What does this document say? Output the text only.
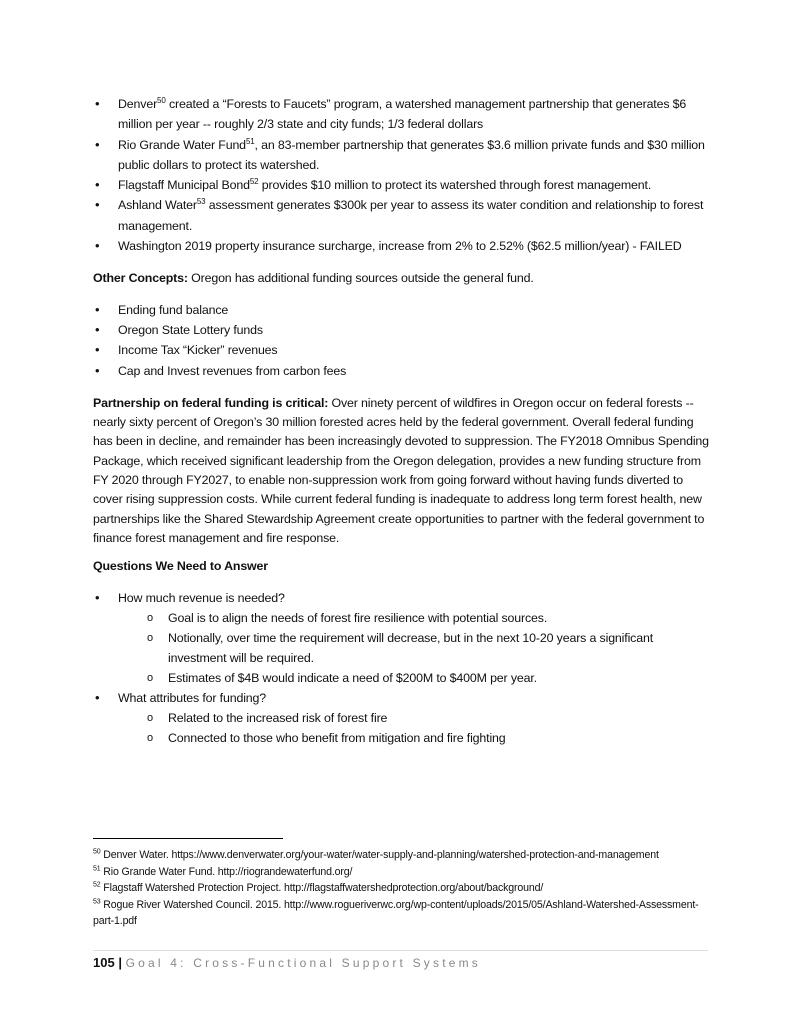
• Denver$^{50}$ created a “Forests to Faucets” program, a watershed management partnership that generates $6 million per year -- roughly 2/3 state and city funds; 1/3 federal dollars
• Rio Grande Water Fund$^{51}$, an 83-member partnership that generates $3.6 million private funds and $30 million public dollars to protect its watershed.
• Flagstaff Municipal Bond$^{52}$ provides $10 million to protect its watershed through forest management.
• Ashland Water$^{53}$ assessment generates $300k per year to assess its water condition and relationship to forest management.
• Washington 2019 property insurance surcharge, increase from 2% to 2.52% ($62.5 million/year) - FAILED

Other Concepts: Oregon has additional funding sources outside the general fund.

• Ending fund balance
• Oregon State Lottery funds
• Income Tax “Kicker” revenues
• Cap and Invest revenues from carbon fees

Partnership on federal funding is critical: Over ninety percent of wildfires in Oregon occur on federal forests -- nearly sixty percent of Oregon’s 30 million forested acres held by the federal government. Overall federal funding has been in decline, and remainder has been increasingly devoted to suppression. The FY2018 Omnibus Spending Package, which received significant leadership from the Oregon delegation, provides a new funding structure from FY 2020 through FY2027, to enable non-suppression work from going forward without having funds diverted to cover rising suppression costs. While current federal funding is inadequate to address long term forest health, new partnerships like the Shared Stewardship Agreement create opportunities to partner with the federal government to finance forest management and fire response.

Questions We Need to Answer

• How much revenue is needed?
o Goal is to align the needs of forest fire resilience with potential sources.
o Notionally, over time the requirement will decrease, but in the next 10-20 years a significant investment will be required.
o Estimates of $4B would indicate a need of $200M to $400M per year.
• What attributes for funding?
o Related to the increased risk of forest fire
o Connected to those who benefit from mitigation and fire fighting
$^{50}$ Denver Water. https://www.denverwater.org/your-water/water-supply-and-planning/watershed-protection-and-management
$^{51}$ Rio Grande Water Fund. http://riograndewaterfund.org/
$^{52}$ Flagstaff Watershed Protection Project. http://flagstaffwatershedprotection.org/about/background/
$^{53}$ Rogue River Watershed Council. 2015. http://www.rogueriverwc.org/wp-content/uploads/2015/05/Ashland-Watershed-Assessment-part-1.pdf
105 | Goal 4: Cross-Functional Support Systems
